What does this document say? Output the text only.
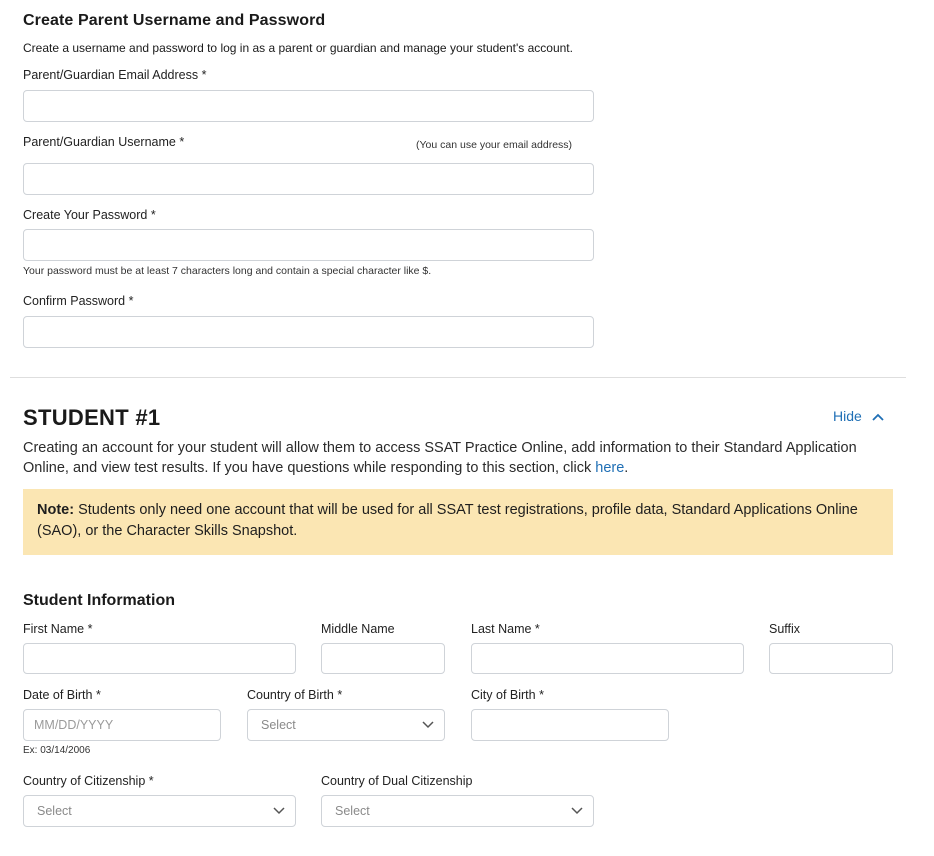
Create Parent Username and Password
Create a username and password to log in as a parent or guardian and manage your student's account.
Parent/Guardian Email Address *
Parent/Guardian Username *	(You can use your email address)
Create Your Password *
Your password must be at least 7 characters long and contain a special character like $.
Confirm Password *
STUDENT #1	Hide
Creating an account for your student will allow them to access SSAT Practice Online, add information to their Standard Application Online, and view test results. If you have questions while responding to this section, click here.
Note: Students only need one account that will be used for all SSAT test registrations, profile data, Standard Applications Online (SAO), or the Character Skills Snapshot.
Student Information
First Name *	Middle Name	Last Name *	Suffix
Date of Birth *
MM/DD/YYYY
Ex: 03/14/2006
Country of Birth *
Select
City of Birth *
Country of Citizenship *
Select
Country of Dual Citizenship
Select
